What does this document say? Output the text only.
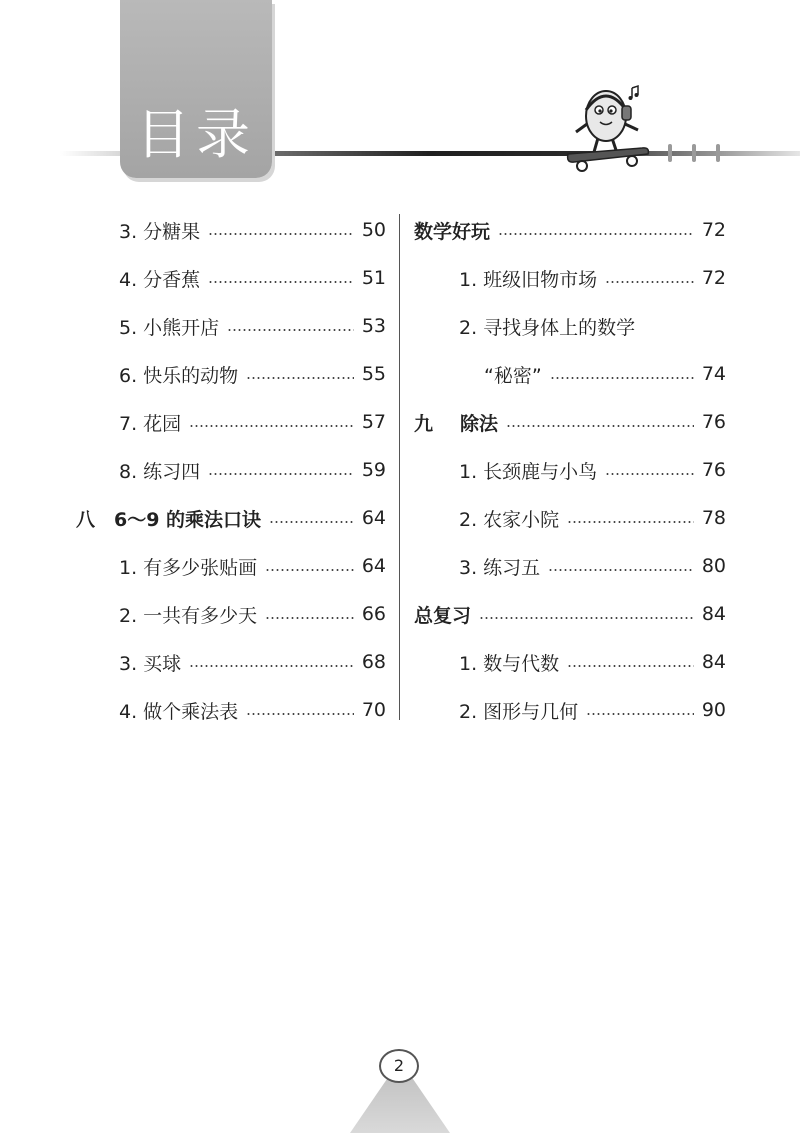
目录
3. 分糖果	50
4. 分香蕉	51
5. 小熊开店	53
6. 快乐的动物	55
7. 花园	57
8. 练习四	59
八 6～9 的乘法口诀	64
1. 有多少张贴画	64
2. 一共有多少天	66
3. 买球	68
4. 做个乘法表	70
数学好玩	72
1. 班级旧物市场	72
2. 寻找身体上的数学
“秘密”	74
九 除法	76
1. 长颈鹿与小鸟	76
2. 农家小院	78
3. 练习五	80
总复习	84
1. 数与代数	84
2. 图形与几何	90
2
